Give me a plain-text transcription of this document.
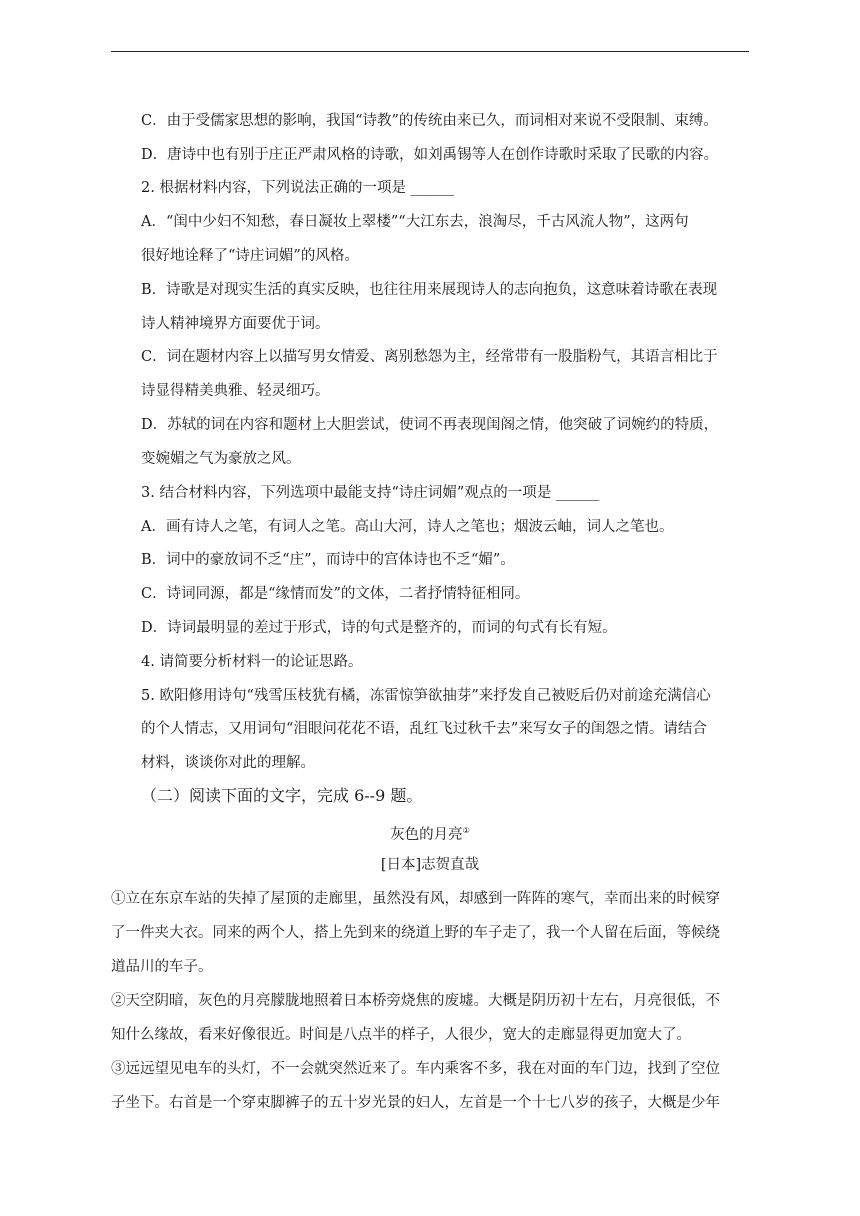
C．由于受儒家思想的影响，我国“诗教”的传统由来已久，而词相对来说不受限制、束缚。
D．唐诗中也有别于庄正严肃风格的诗歌，如刘禹锡等人在创作诗歌时采取了民歌的内容。
2. 根据材料内容，下列说法正确的一项是 ______
A．“闺中少妇不知愁，春日凝妆上翠楼”“大江东去，浪淘尽，千古风流人物”，这两句
很好地诠释了“诗庄词媚”的风格。
B．诗歌是对现实生活的真实反映，也往往用来展现诗人的志向抱负，这意味着诗歌在表现
诗人精神境界方面要优于词。
C．词在题材内容上以描写男女情爱、离别愁怨为主，经常带有一股脂粉气，其语言相比于
诗显得精美典雅、轻灵细巧。
D．苏轼的词在内容和题材上大胆尝试，使词不再表现闺阁之情，他突破了词婉约的特质，
变婉媚之气为豪放之风。
3. 结合材料内容，下列选项中最能支持“诗庄词媚”观点的一项是 ______
A．画有诗人之笔，有词人之笔。高山大河，诗人之笔也；烟波云岫，词人之笔也。
B．词中的豪放词不乏“庄”，而诗中的宫体诗也不乏“媚”。
C．诗词同源，都是“缘情而发”的文体，二者抒情特征相同。
D．诗词最明显的差过于形式，诗的句式是整齐的，而词的句式有长有短。
4. 请简要分析材料一的论证思路。
5. 欧阳修用诗句“残雪压枝犹有橘，冻雷惊笋欲抽芽”来抒发自己被贬后仍对前途充满信心
的个人情志，又用词句“泪眼问花花不语，乱红飞过秋千去”来写女子的闺怨之情。请结合
材料，谈谈你对此的理解。
（二）阅读下面的文字，完成 6--9 题。
灰色的月亮①
[日本]志贺直哉
①立在东京车站的失掉了屋顶的走廊里，虽然没有风，却感到一阵阵的寒气，幸而出来的时候穿
了一件夹大衣。同来的两个人，搭上先到来的绕道上野的车子走了，我一个人留在后面，等候绕
道品川的车子。
②天空阴暗，灰色的月亮朦胧地照着日本桥旁烧焦的废墟。大概是阴历初十左右，月亮很低，不
知什么缘故，看来好像很近。时间是八点半的样子，人很少，宽大的走廊显得更加宽大了。
③远远望见电车的头灯，不一会就突然近来了。车内乘客不多，我在对面的车门边，找到了空位
子坐下。右首是一个穿束脚裤子的五十岁光景的妇人，左首是一个十七八岁的孩子，大概是少年
